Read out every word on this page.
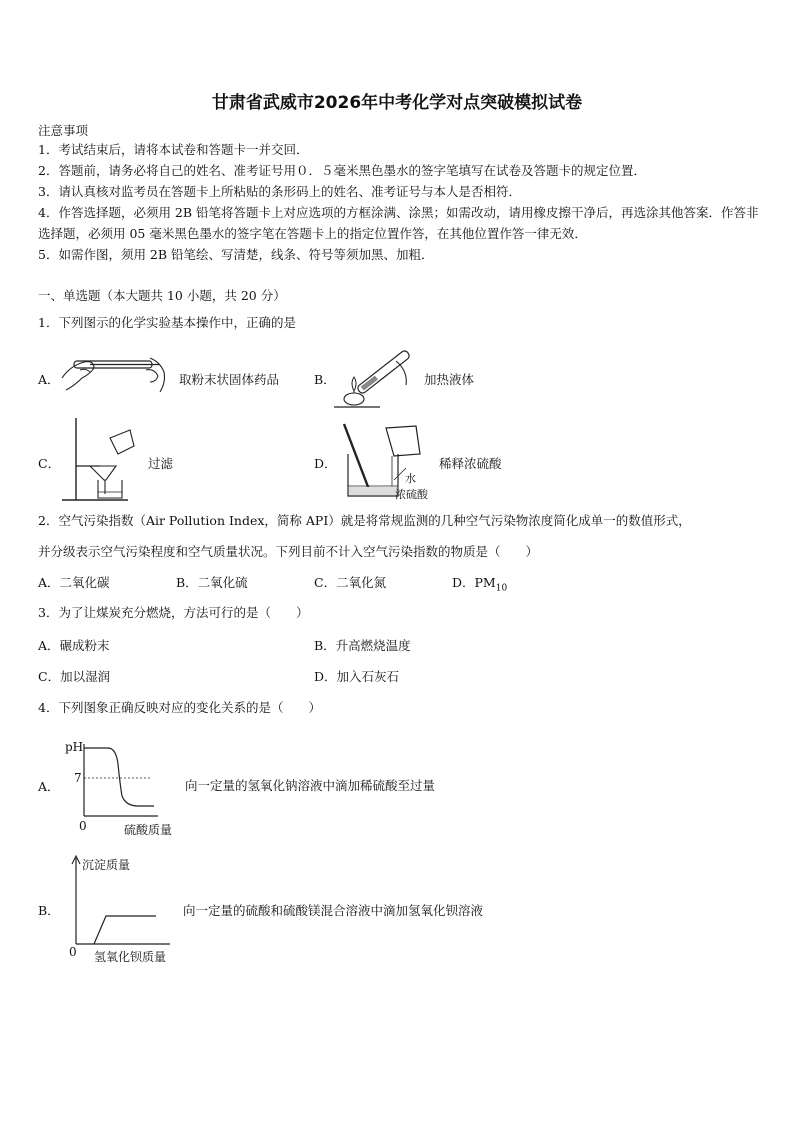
甘肃省武威市2026年中考化学对点突破模拟试卷
注意事项
1．考试结束后，请将本试卷和答题卡一并交回．
2．答题前，请务必将自己的姓名、准考证号用０．５毫米黑色墨水的签字笔填写在试卷及答题卡的规定位置．
3．请认真核对监考员在答题卡上所粘贴的条形码上的姓名、准考证号与本人是否相符．
4．作答选择题，必须用 2B 铅笔将答题卡上对应选项的方框涂满、涂黑；如需改动，请用橡皮擦干净后，再选涂其他答案．作答非选择题，必须用 05 毫米黑色墨水的签字笔在答题卡上的指定位置作答，在其他位置作答一律无效．
5．如需作图，须用 2B 铅笔绘、写清楚，线条、符号等须加黑、加粗．
一、单选题（本大题共 10 小题，共 20 分）
1．下列图示的化学实验基本操作中，正确的是
A．	取粉末状固体药品	B．	加热液体
C．	过滤	D．
水
浓硫酸
稀释浓硫酸
2．空气污染指数（Air Pollution Index，简称 API）就是将常规监测的几种空气污染物浓度简化成单一的数值形式，
并分级表示空气污染程度和空气质量状况。下列目前不计入空气污染指数的物质是（　　）
A．二氧化碳	B．二氧化硫	C．二氧化氮	D．$PM_{10}$
3．为了让煤炭充分燃烧，方法可行的是（　　）
A．碾成粉末	B．升高燃烧温度
C．加以湿润	D．加入石灰石
4．下列图象正确反映对应的变化关系的是（　　）
A．
pH
7
0	硫酸质量
向一定量的氢氧化钠溶液中滴加稀硫酸至过量
B．
沉淀质量
0 氢氧化钡质量
向一定量的硫酸和硫酸镁混合溶液中滴加氢氧化钡溶液
